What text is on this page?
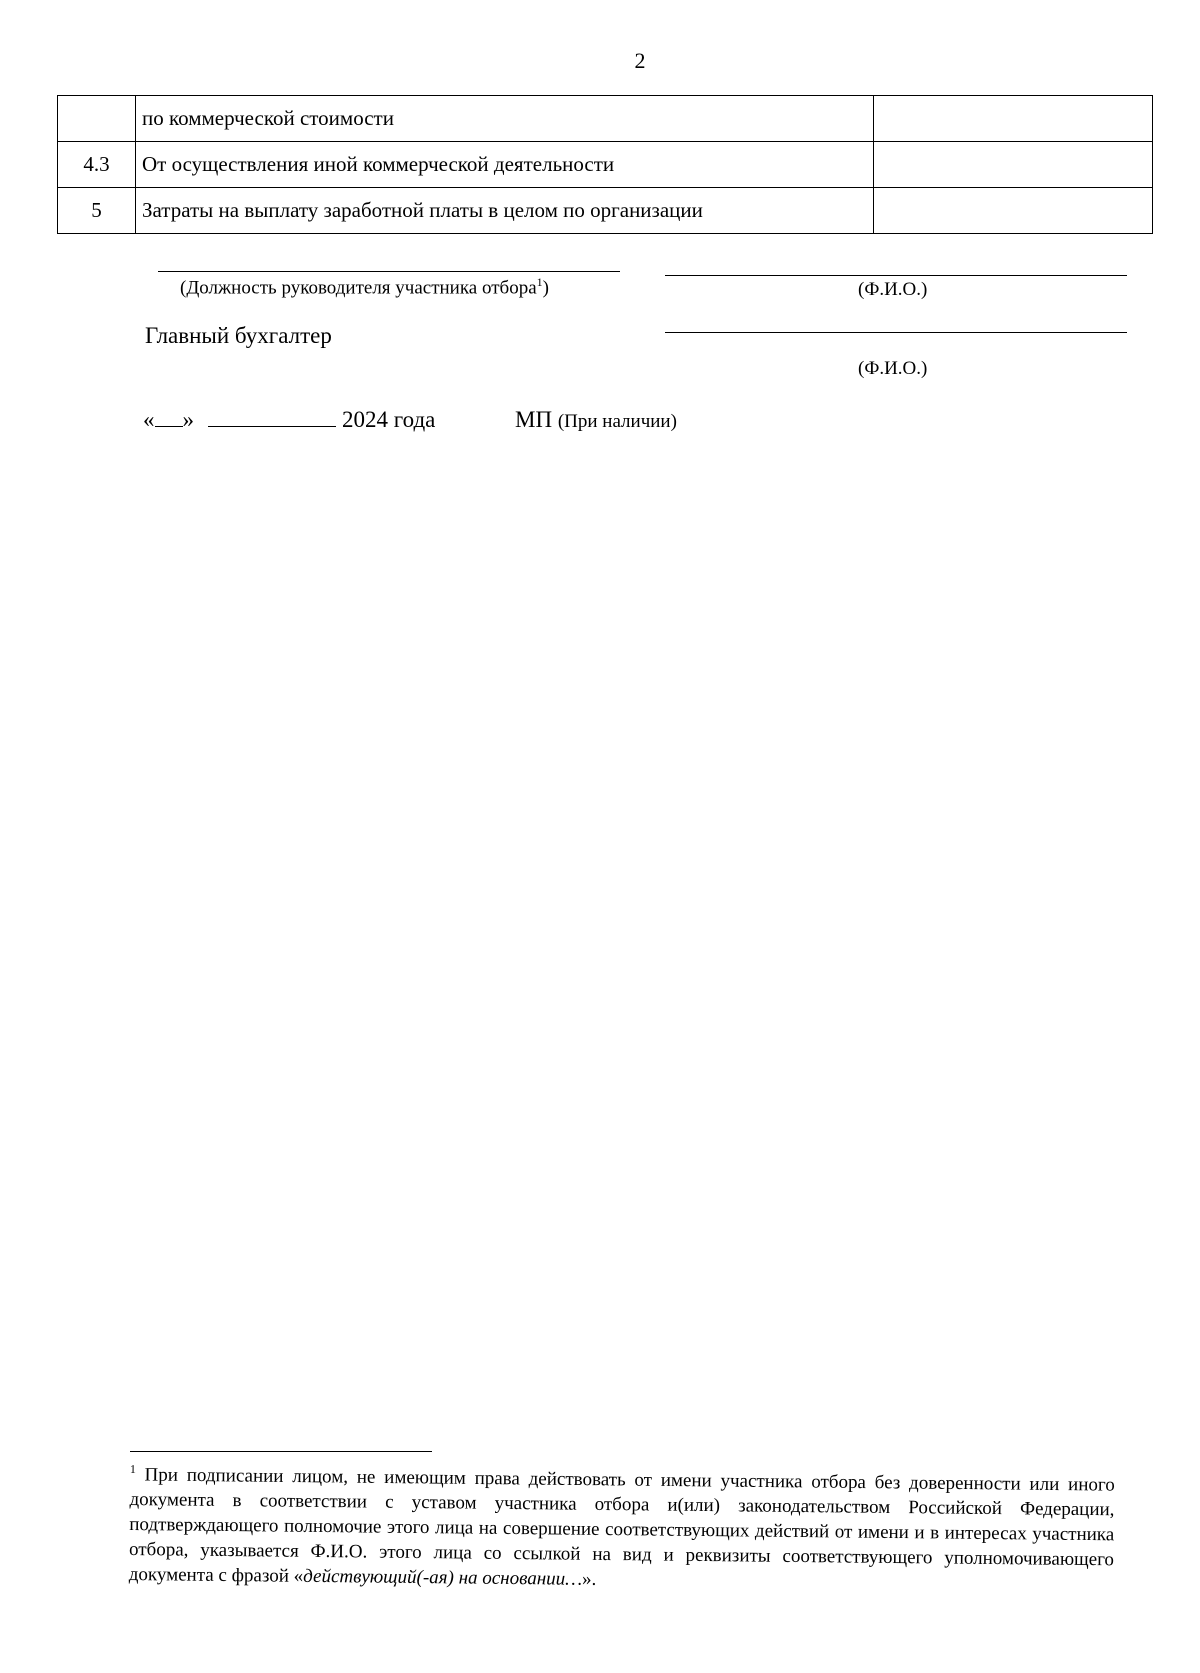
2
	по коммерческой стоимости	
4.3	От осуществления иной коммерческой деятельности	
5	Затраты на выплату заработной платы в целом по организации	
(Должность руководителя участника отбора$^1$)	(Ф.И.О.)
Главный бухгалтер
(Ф.И.О.)
« »	2024 года	МП (При наличии)
$^1$ При подписании лицом, не имеющим права действовать от имени участника отбора без доверенности или иного документа в соответствии с уставом участника отбора и(или) законодательством Российской Федерации, подтверждающего полномочие этого лица на совершение соответствующих действий от имени и в интересах участника отбора, указывается Ф.И.О. этого лица со ссылкой на вид и реквизиты соответствующего уполномочивающего документа с фразой «действующий(-ая) на основании…».
